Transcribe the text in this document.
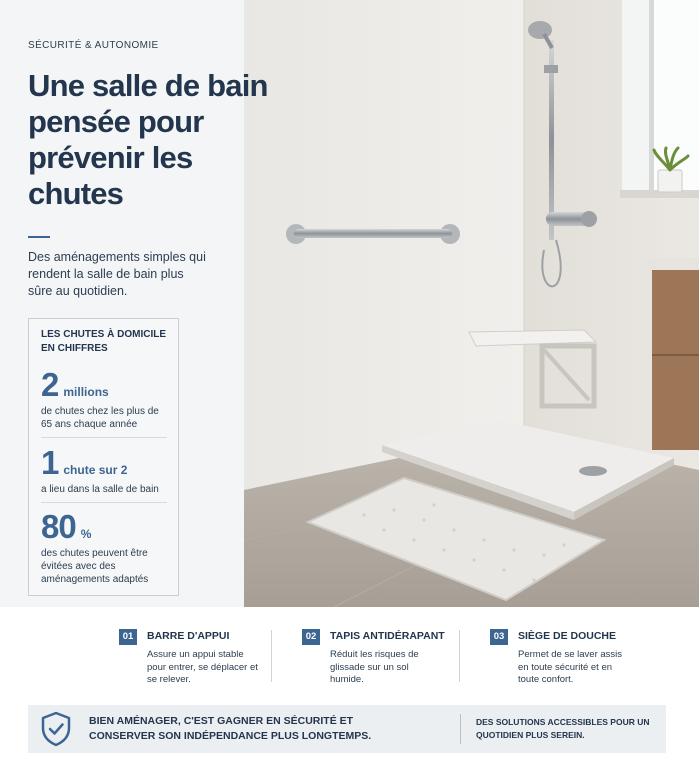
SÉCURITÉ & AUTONOMIE
Une salle de bain pensée pour prévenir les chutes
Des aménagements simples qui rendent la salle de bain plus sûre au quotidien.
LES CHUTES À DOMICILE EN CHIFFRES
2 millions
de chutes chez les plus de 65 ans chaque année
1 chute sur 2
a lieu dans la salle de bain
80 %
des chutes peuvent être évitées avec des aménagements adaptés
01	BARRE D'APPUI
Assure un appui stable pour entrer, se déplacer et se relever.
02	TAPIS ANTIDÉRAPANT
Réduit les risques de glissade sur un sol humide.
03	SIÈGE DE DOUCHE
Permet de se laver assis en toute sécurité et en toute confort.
BIEN AMÉNAGER, C'EST GAGNER EN SÉCURITÉ ET CONSERVER SON INDÉPENDANCE PLUS LONGTEMPS.
DES SOLUTIONS ACCESSIBLES POUR UN QUOTIDIEN PLUS SEREIN.
